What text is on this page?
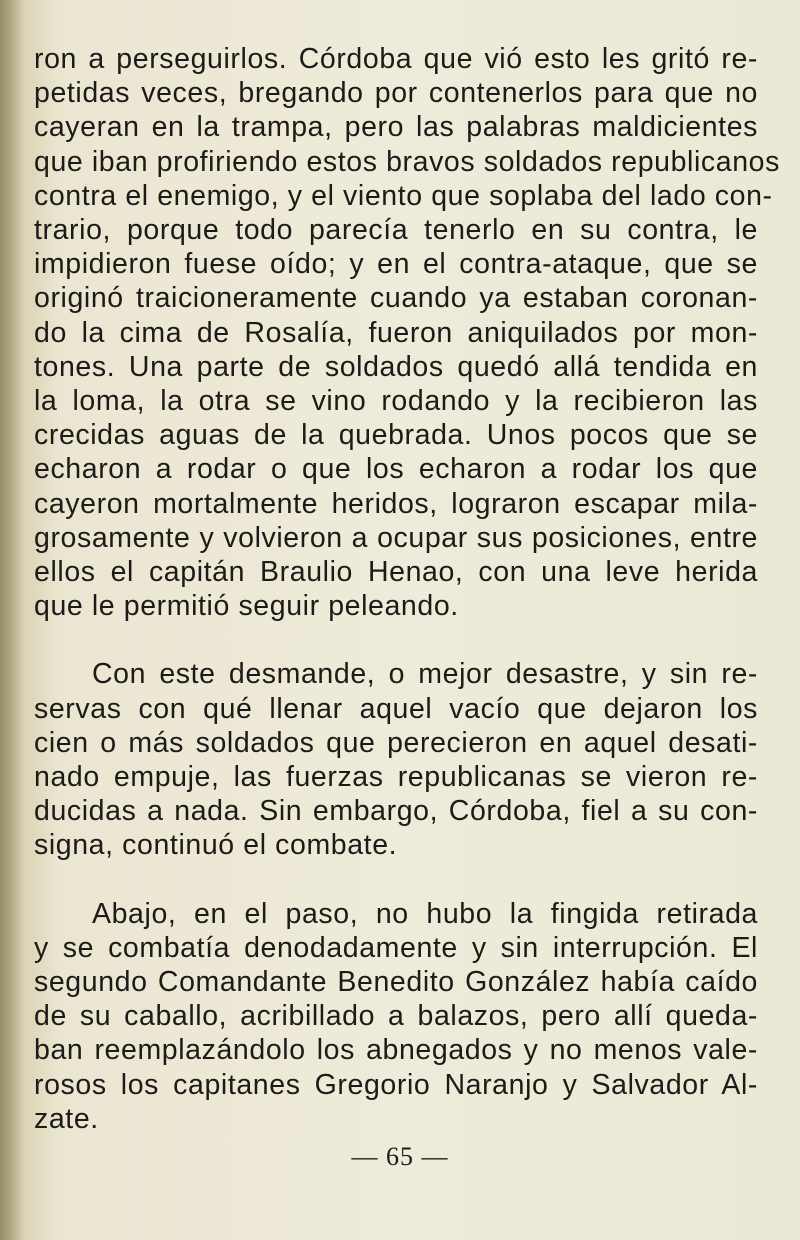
ron a perseguirlos. Córdoba que vió esto les gritó re-
petidas veces, bregando por contenerlos para que no
cayeran en la trampa, pero las palabras maldicientes
que iban profiriendo estos bravos soldados republicanos
contra el enemigo, y el viento que soplaba del lado con-
trario, porque todo parecía tenerlo en su contra, le
impidieron fuese oído; y en el contra-ataque, que se
originó traicioneramente cuando ya estaban coronan-
do la cima de Rosalía, fueron aniquilados por mon-
tones. Una parte de soldados quedó allá tendida en
la loma, la otra se vino rodando y la recibieron las
crecidas aguas de la quebrada. Unos pocos que se
echaron a rodar o que los echaron a rodar los que
cayeron mortalmente heridos, lograron escapar mila-
grosamente y volvieron a ocupar sus posiciones, entre
ellos el capitán Braulio Henao, con una leve herida
que le permitió seguir peleando.
Con este desmande, o mejor desastre, y sin re-
servas con qué llenar aquel vacío que dejaron los
cien o más soldados que perecieron en aquel desati-
nado empuje, las fuerzas republicanas se vieron re-
ducidas a nada. Sin embargo, Córdoba, fiel a su con-
signa, continuó el combate.
Abajo, en el paso, no hubo la fingida retirada
y se combatía denodadamente y sin interrupción. El
segundo Comandante Benedito González había caído
de su caballo, acribillado a balazos, pero allí queda-
ban reemplazándolo los abnegados y no menos vale-
rosos los capitanes Gregorio Naranjo y Salvador Al-
zate.
— 65 —
